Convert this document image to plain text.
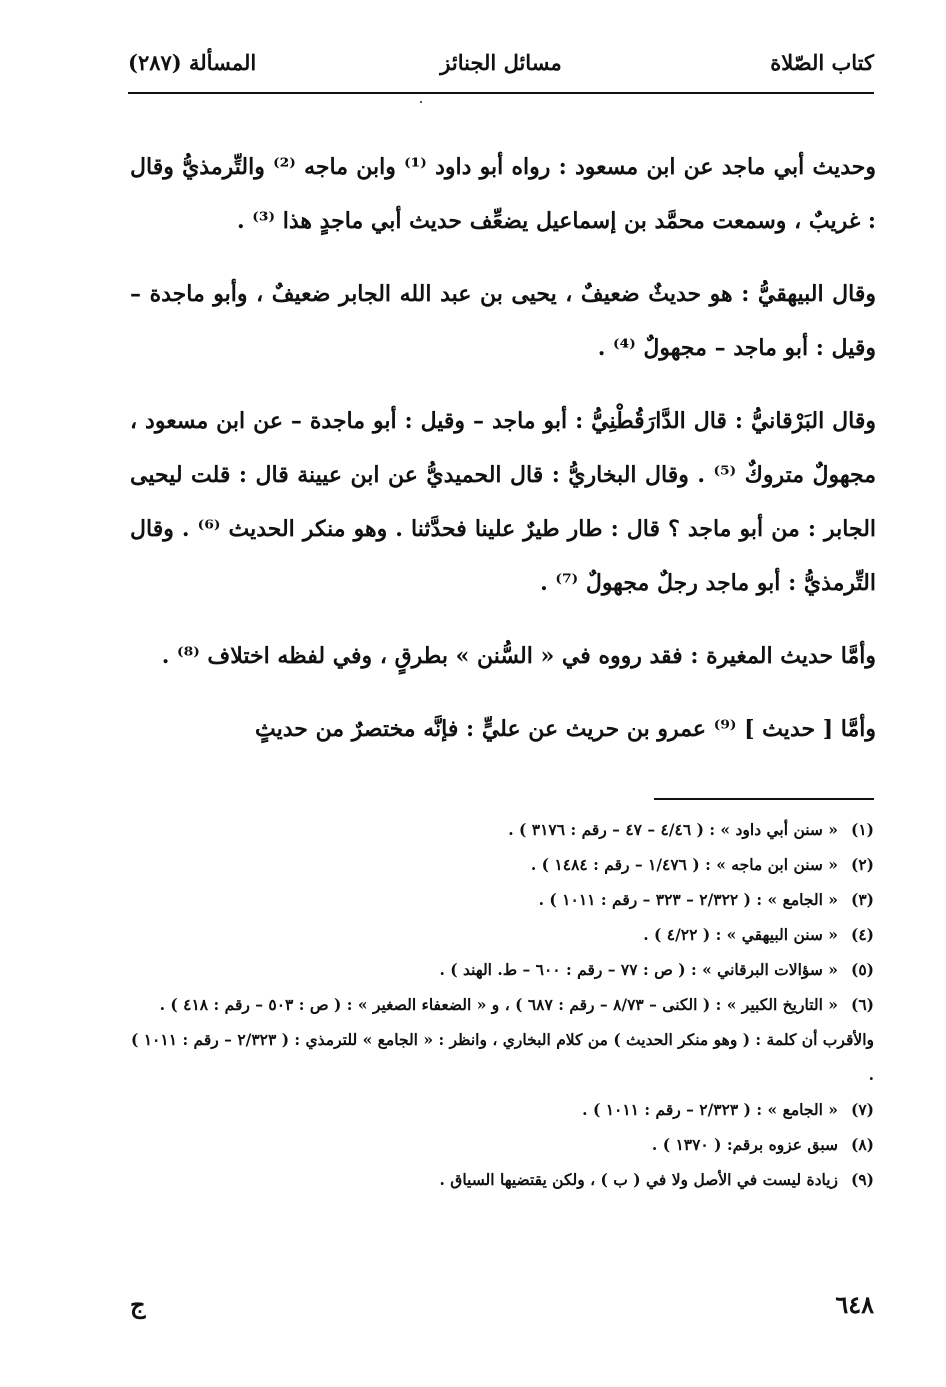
كتاب الصّلاة
مسائل الجنائز
المسألة (٢٨٧)

وحديث أبي ماجد عن ابن مسعود : رواه أبو داود ⁽¹⁾ وابن ماجه ⁽²⁾ والتِّرمذيُّ وقال : غريبٌ ، وسمعت محمَّد بن إسماعيل يضعِّف حديث أبي ماجدٍ هذا ⁽³⁾ .

وقال البيهقيُّ : هو حديثٌ ضعيفٌ ، يحيى بن عبد الله الجابر ضعيفٌ ، وأبو ماجدة – وقيل : أبو ماجد – مجهولٌ ⁽⁴⁾ .

وقال البَرْقانيُّ : قال الدَّارَقُطْنِيُّ : أبو ماجد – وقيل : أبو ماجدة – عن ابن مسعود ، مجهولٌ متروكٌ ⁽⁵⁾ . وقال البخاريُّ : قال الحميديُّ عن ابن عيينة قال : قلت ليحيى الجابر : من أبو ماجد ؟ قال : طار طيرٌ علينا فحدَّثنا . وهو منكر الحديث ⁽⁶⁾ . وقال التِّرمذيُّ : أبو ماجد رجلٌ مجهولٌ ⁽⁷⁾ .

وأمَّا حديث المغيرة : فقد رووه في « السُّنن » بطرقٍ ، وفي لفظه اختلاف ⁽⁸⁾ .

وأمَّا [ حديث ] ⁽⁹⁾ عمرو بن حريث عن عليٍّ : فإنَّه مختصرٌ من حديثٍ

(١)
« سنن أبي داود » : ( ٤/٤٦ – ٤٧ – رقم : ٣١٧٦ ) .
(٢)
« سنن ابن ماجه » : ( ١/٤٧٦ – رقم : ١٤٨٤ ) .
(٣)
« الجامع » : ( ٢/٣٢٢ – ٣٢٣ – رقم : ١٠١١ ) .
(٤)
« سنن البيهقي » : ( ٤/٢٢ ) .
(٥)
« سؤالات البرقاني » : ( ص : ٧٧ – رقم : ٦٠٠ – ط. الهند ) .
(٦)
« التاريخ الكبير » : ( الكنى – ٨/٧٣ – رقم : ٦٨٧ ) ، و « الضعفاء الصغير » : ( ص : ٥٠٣ – رقم : ٤١٨ ) .
والأقرب أن كلمة : ( وهو منكر الحديث ) من كلام البخاري ، وانظر : « الجامع » للترمذي : ( ٢/٣٢٣ – رقم : ١٠١١ ) .
(٧)
« الجامع » : ( ٢/٣٢٣ – رقم : ١٠١١ ) .
(٨)
سبق عزوه برقم: ( ١٣٧٠ ) .
(٩)
زيادة ليست في الأصل ولا في ( ب ) ، ولكن يقتضيها السياق .
٦٤٨
ج
